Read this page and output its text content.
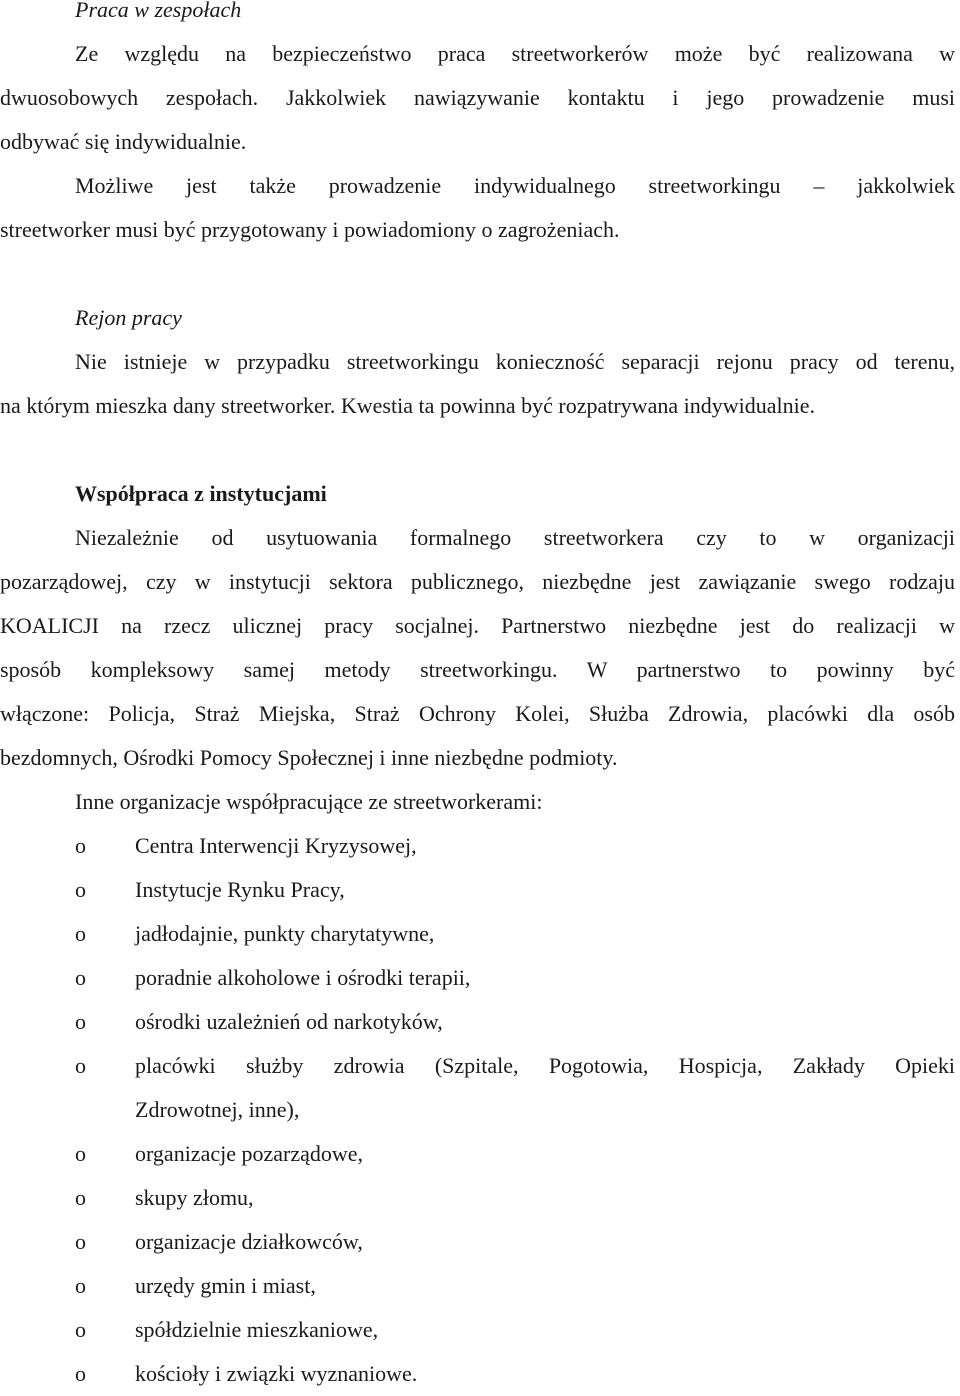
Praca w zespołach
Ze względu na bezpieczeństwo praca streetworkerów może być realizowana w
dwuosobowych zespołach. Jakkolwiek nawiązywanie kontaktu i jego prowadzenie musi
odbywać się indywidualnie.
Możliwe jest także prowadzenie indywidualnego streetworkingu – jakkolwiek
streetworker musi być przygotowany i powiadomiony o zagrożeniach.
Rejon pracy
Nie istnieje w przypadku streetworkingu konieczność separacji rejonu pracy od terenu,
na którym mieszka dany streetworker. Kwestia ta powinna być rozpatrywana indywidualnie.
Współpraca z instytucjami
Niezależnie od usytuowania formalnego streetworkera czy to w organizacji
pozarządowej, czy w instytucji sektora publicznego, niezbędne jest zawiązanie swego rodzaju
KOALICJI na rzecz ulicznej pracy socjalnej. Partnerstwo niezbędne jest do realizacji w
sposób kompleksowy samej metody streetworkingu. W partnerstwo to powinny być
włączone: Policja, Straż Miejska, Straż Ochrony Kolei, Służba Zdrowia, placówki dla osób
bezdomnych, Ośrodki Pomocy Społecznej i inne niezbędne podmioty.
Inne organizacje współpracujące ze streetworkerami:
o Centra Interwencji Kryzysowej,
o Instytucje Rynku Pracy,
o jadłodajnie, punkty charytatywne,
o poradnie alkoholowe i ośrodki terapii,
o ośrodki uzależnień od narkotyków,
o placówki służby zdrowia (Szpitale, Pogotowia, Hospicja, Zakłady Opieki
Zdrowotnej, inne),
o organizacje pozarządowe,
o skupy złomu,
o organizacje działkowców,
o urzędy gmin i miast,
o spółdzielnie mieszkaniowe,
o kościoły i związki wyznaniowe.
